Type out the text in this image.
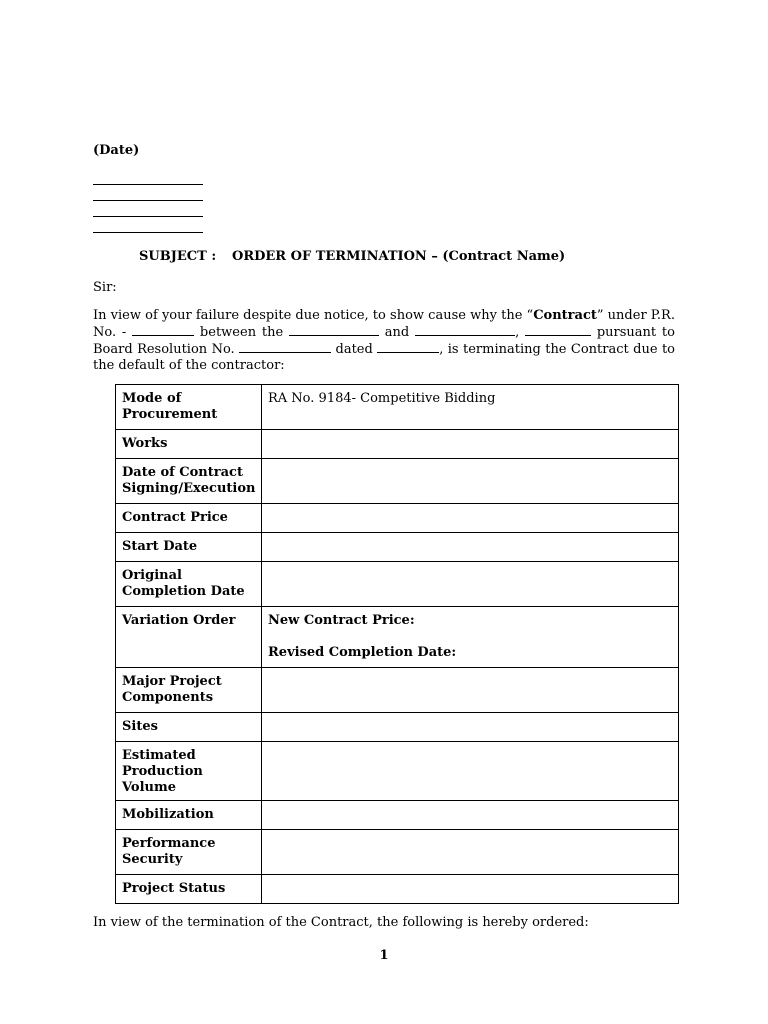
(Date)
SUBJECT : ORDER OF TERMINATION – (Contract Name)
Sir:
In view of your failure despite due notice, to show cause why the “Contract” under P.R. No. -	between the	and	,	pursuant to Board Resolution No.	dated	, is terminating the Contract due to the default of the contractor:
Mode of Procurement	RA No. 9184- Competitive Bidding
Works	
Date of Contract Signing/Execution	
Contract Price	
Start Date	
Original Completion Date	
Variation Order	New Contract Price:

Revised Completion Date:
Major Project Components	
Sites	
Estimated Production Volume	
Mobilization	
Performance Security	
Project Status	
In view of the termination of the Contract, the following is hereby ordered:
1
